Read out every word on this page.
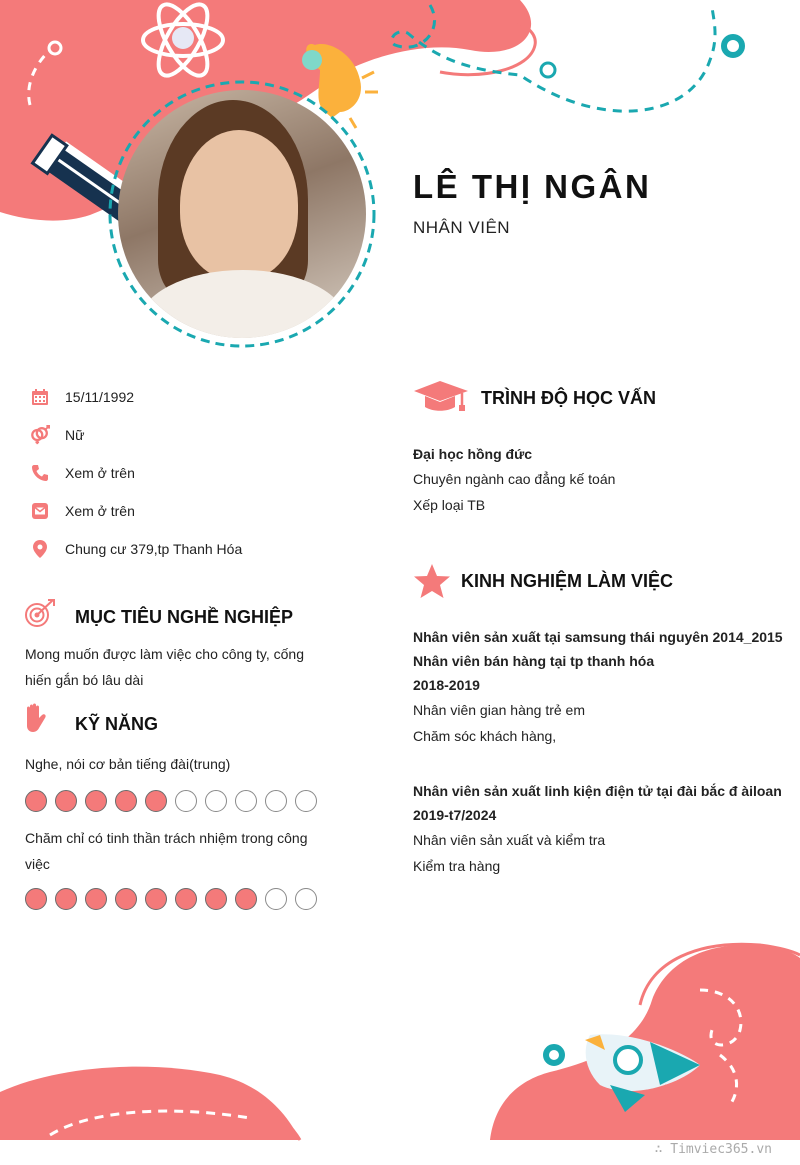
LÊ THỊ NGÂN
NHÂN VIÊN
15/11/1992
Nữ
Xem ở trên
Xem ở trên
Chung cư 379,tp Thanh Hóa
MỤC TIÊU NGHỀ NGHIỆP
Mong muốn được làm việc cho công ty, cống
hiến gắn bó lâu dài
KỸ NĂNG
Nghe, nói cơ bản tiếng đài(trung)
Chăm chỉ có tinh thần trách nhiệm trong công
việc
TRÌNH ĐỘ HỌC VẤN
Đại học hồng đức
Chuyên ngành cao đẳng kế toán
Xếp loại TB
KINH NGHIỆM LÀM VIỆC
Nhân viên sản xuất tại samsung thái nguyên 2014_2015
Nhân viên bán hàng tại tp thanh hóa
2018-2019
Nhân viên gian hàng trẻ em
Chăm sóc khách hàng,
Nhân viên sản xuất linh kiện điện tử tại đài bắc đ àiloan
2019-t7/2024
Nhân viên sản xuất và kiểm tra
Kiểm tra hàng
∴ Timviec365.vn
